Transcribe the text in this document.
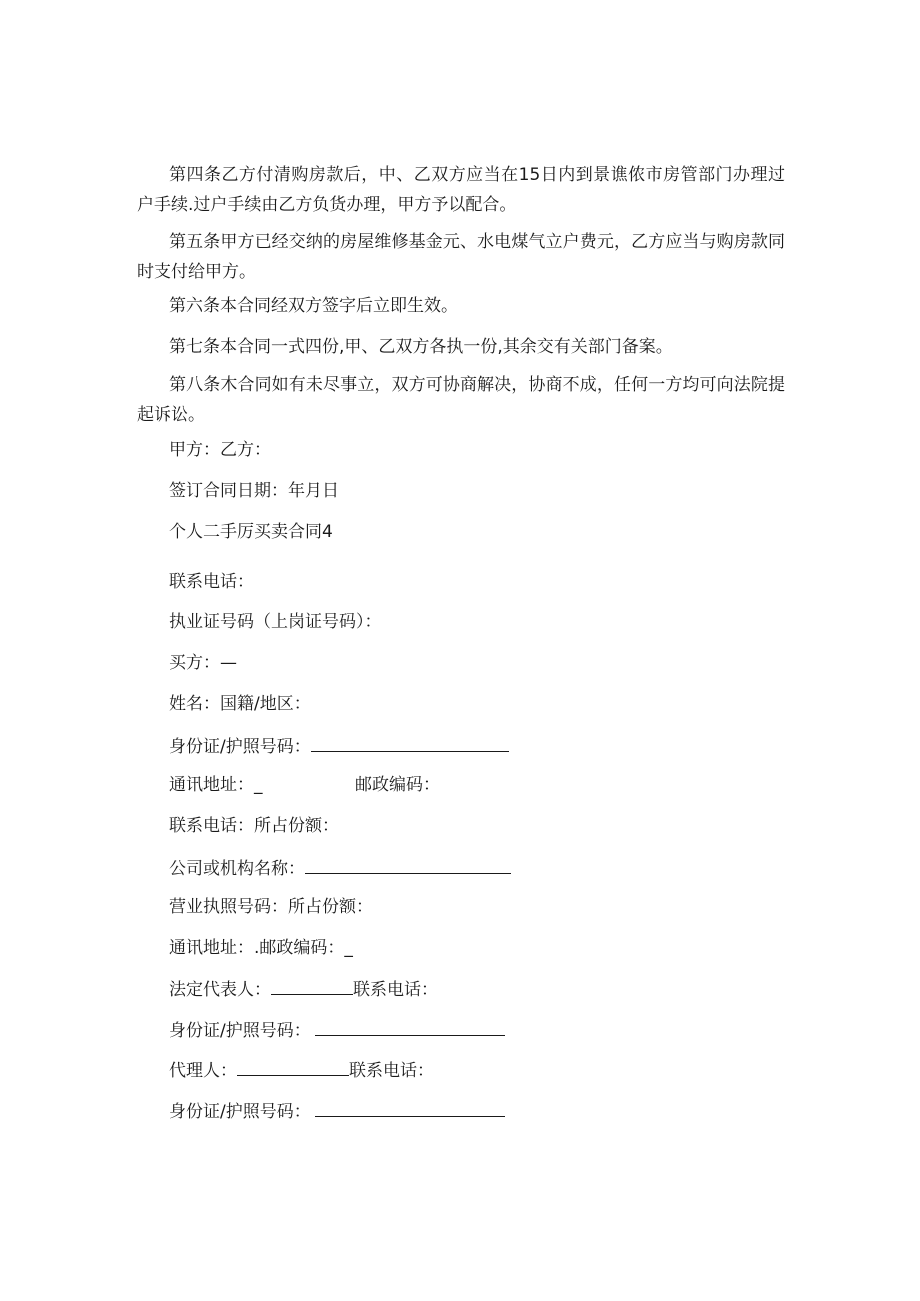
第四条乙方付清购房款后，中、乙双方应当在15日内到景谯侬市房管部门办理过户手续.过户手续由乙方负货办理，甲方予以配合。
第五条甲方已经交纳的房屋维修基金元、水电煤气立户费元，乙方应当与购房款同时支付给甲方。
第六条本合同经双方签字后立即生效。
第七条本合同一式四份,甲、乙双方各执一份,其余交有关部门备案。
第八条木合同如有未尽事立，双方可协商解决，协商不成，任何一方均可向法院提起诉讼。
甲方：乙方：
签订合同日期：年月日
个人二手厉买卖合同4
联系电话：
执业证号码（上岗证号码）：
买方：—
姓名：国籍/地区：
身份证/护照号码：
通讯地址：_	邮政编码：
联系电话：所占份额：
公司或机构名称：
营业执照号码：所占份额：
通讯地址：.邮政编码：_
法定代表人：	联系电话：
身份证/护照号码：
代理人：	联系电话：
身份证/护照号码：
